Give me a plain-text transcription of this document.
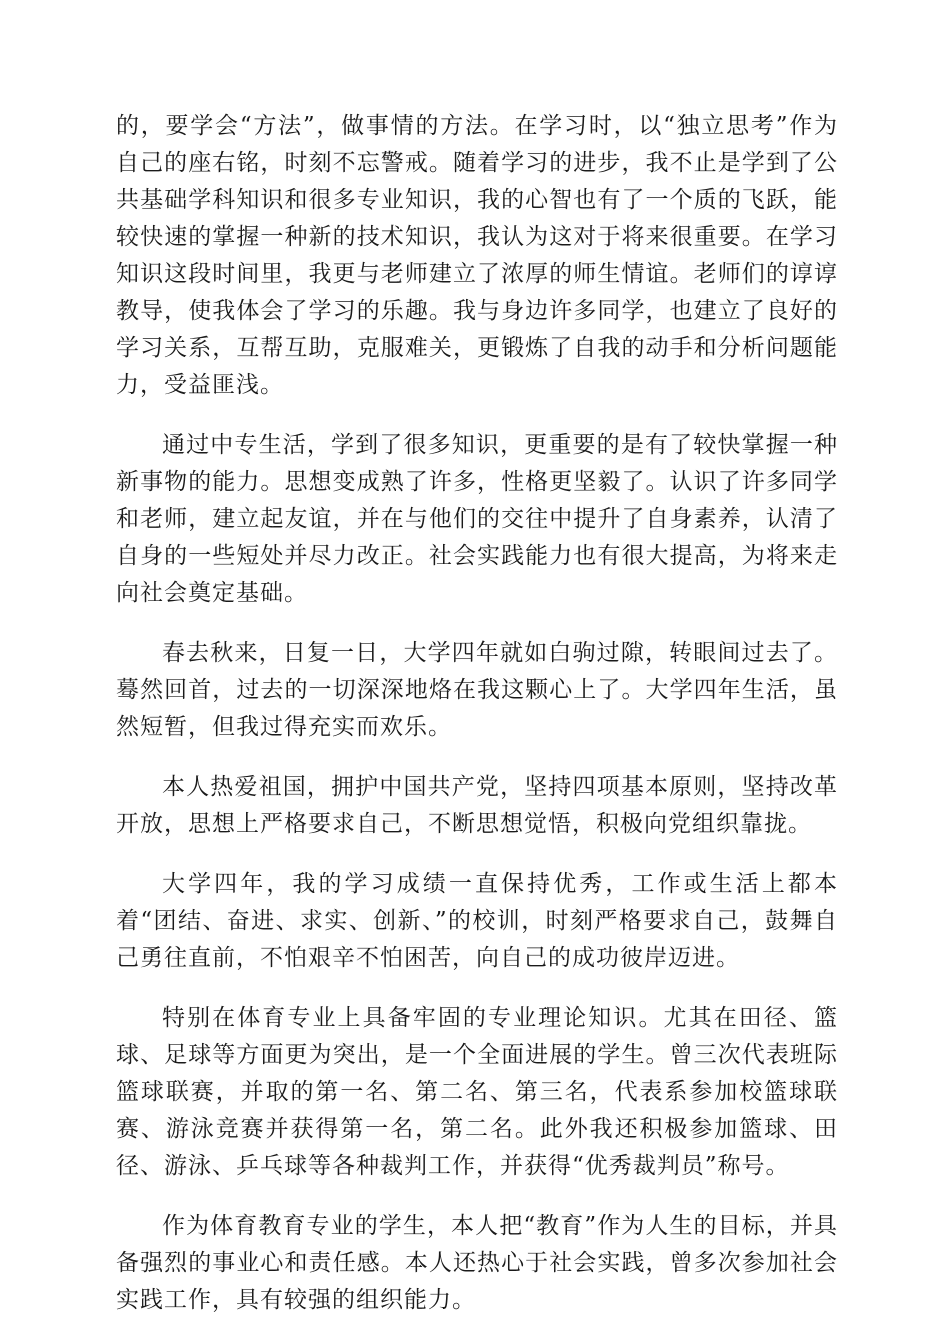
的，要学会“方法”，做事情的方法。在学习时，以“独立思考”作为自己的座右铭，时刻不忘警戒。随着学习的进步，我不止是学到了公共基础学科知识和很多专业知识，我的心智也有了一个质的飞跃，能较快速的掌握一种新的技术知识，我认为这对于将来很重要。在学习知识这段时间里，我更与老师建立了浓厚的师生情谊。老师们的谆谆教导，使我体会了学习的乐趣。我与身边许多同学，也建立了良好的学习关系，互帮互助，克服难关，更锻炼了自我的动手和分析问题能力，受益匪浅。

通过中专生活，学到了很多知识，更重要的是有了较快掌握一种新事物的能力。思想变成熟了许多，性格更坚毅了。认识了许多同学和老师，建立起友谊，并在与他们的交往中提升了自身素养，认清了自身的一些短处并尽力改正。社会实践能力也有很大提高，为将来走向社会奠定基础。

春去秋来，日复一日，大学四年就如白驹过隙，转眼间过去了。蓦然回首，过去的一切深深地烙在我这颗心上了。大学四年生活，虽然短暂，但我过得充实而欢乐。

本人热爱祖国，拥护中国共产党，坚持四项基本原则，坚持改革开放，思想上严格要求自己，不断思想觉悟，积极向党组织靠拢。

大学四年，我的学习成绩一直保持优秀，工作或生活上都本着“团结、奋进、求实、创新、”的校训，时刻严格要求自己，鼓舞自己勇往直前，不怕艰辛不怕困苦，向自己的成功彼岸迈进。

特别在体育专业上具备牢固的专业理论知识。尤其在田径、篮球、足球等方面更为突出，是一个全面进展的学生。曾三次代表班际篮球联赛，并取的第一名、第二名、第三名，代表系参加校篮球联赛、游泳竞赛并获得第一名，第二名。此外我还积极参加篮球、田径、游泳、乒乓球等各种裁判工作，并获得“优秀裁判员”称号。

作为体育教育专业的学生，本人把“教育”作为人生的目标，并具备强烈的事业心和责任感。本人还热心于社会实践，曾多次参加社会实践工作，具有较强的组织能力。
